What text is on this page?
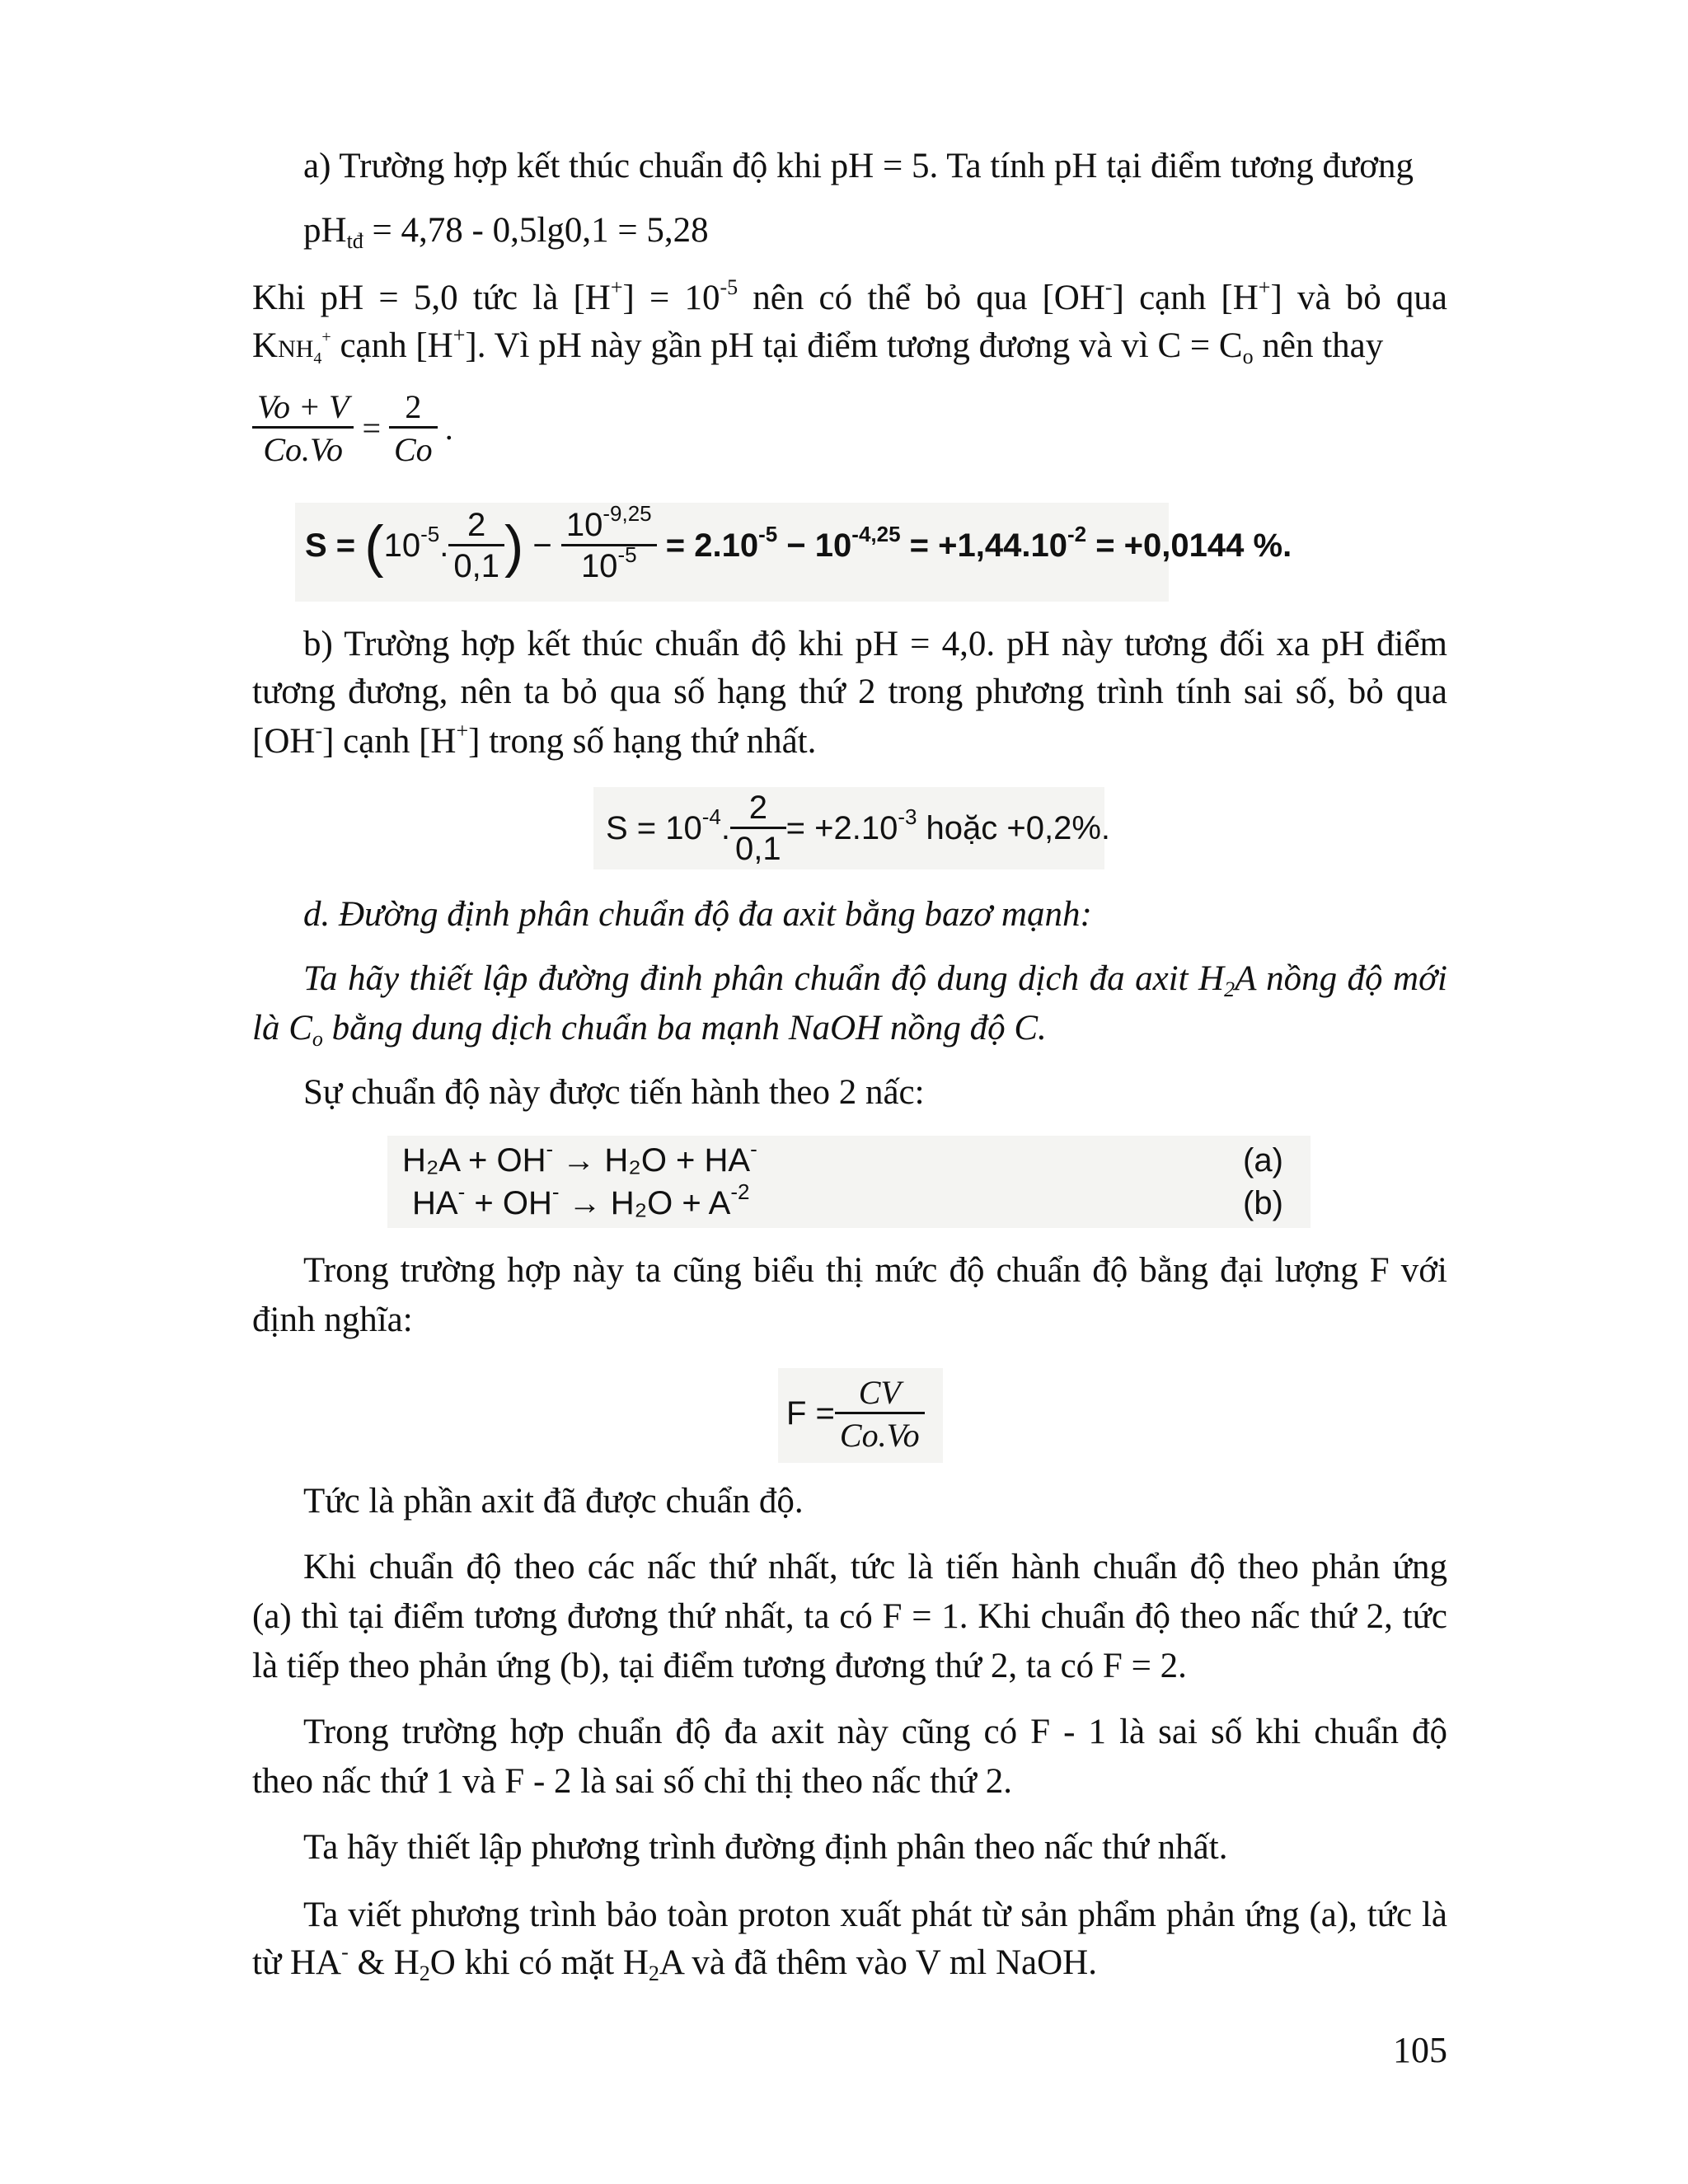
a) Trường hợp kết thúc chuẩn độ khi pH = 5. Ta tính pH tại điểm tương đương
$pH_{tđ} = 4,78 - 0,5\lg 0,1 = 5,28$
Khi pH = 5,0 tức là $[H^+] = 10^{-5}$ nên có thể bỏ qua [OH-] cạnh [H+] và bỏ qua
$KNH_4^+$ cạnh [H+]. Vì pH này gần pH tại điểm tương đương và vì $C = C_o$ nên thay
$\frac{Vo + V}{Co.Vo} = \frac{2}{Co}$ .
$S = (10^{-5}$. $\frac{2}{0,1}$ ) − $\frac{10^{-9,25}}{10^{-5}} = 2.10^{-5} - 10^{-4,25} = +1,44.10^{-2} = +0,0144$ %.
b) Trường hợp kết thúc chuẩn độ khi pH = 4,0. pH này tương đối xa pH điểm
tương đương, nên ta bỏ qua số hạng thứ 2 trong phương trình tính sai số, bỏ qua
[OH-] cạnh [H+] trong số hạng thứ nhất.
$S = 10^{-4}$. $\frac{2}{0,1} = +2.10^{-3}$ hoặc +0,2%.
d. Đường định phân chuẩn độ đa axit bằng bazơ mạnh:
Ta hãy thiết lập đường đinh phân chuẩn độ dung dịch đa axit $H_2A$ nồng độ mới
là $C_o$ bằng dung dịch chuẩn ba mạnh NaOH nồng độ C.
Sự chuẩn độ này được tiến hành theo 2 nấc:
H₂A + OH- → H₂O + HA-	(a)
$HA^- + OH^- \to H_2O + A^{-2}$	(b)
Trong trường hợp này ta cũng biểu thị mức độ chuẩn độ bằng đại lượng F với
định nghĩa:
$F = \frac{CV}{Co.Vo}$
Tức là phần axit đã được chuẩn độ.
Khi chuẩn độ theo các nấc thứ nhất, tức là tiến hành chuẩn độ theo phản ứng
(a) thì tại điểm tương đương thứ nhất, ta có F = 1. Khi chuẩn độ theo nấc thứ 2, tức
là tiếp theo phản ứng (b), tại điểm tương đương thứ 2, ta có F = 2.
Trong trường hợp chuẩn độ đa axit này cũng có F - 1 là sai số khi chuẩn độ
theo nấc thứ 1 và F - 2 là sai số chỉ thị theo nấc thứ 2.
Ta hãy thiết lập phương trình đường định phân theo nấc thứ nhất.
Ta viết phương trình bảo toàn proton xuất phát từ sản phẩm phản ứng (a), tức là
từ HA- & $H_2O$ khi có mặt $H_2A$ và đã thêm vào V ml NaOH.
105
